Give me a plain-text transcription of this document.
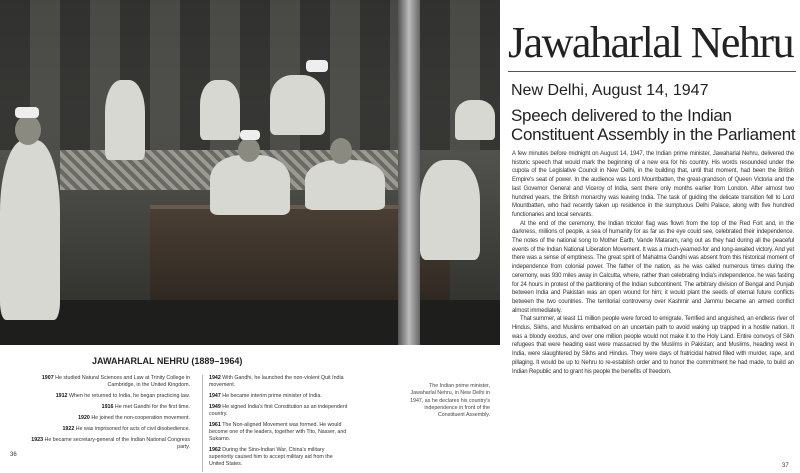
JAWAHARLAL NEHRU (1889–1964)
1907 He studied Natural Sciences and Law at Trinity College in Cambridge, in the United Kingdom.
1912 When he returned to India, he began practicing law.
1916 He met Gandhi for the first time.
1920 He joined the non-cooperation movement.
1922 He was imprisoned for acts of civil disobedience.
1923 He became secretary-general of the Indian National Congress party.
1942 With Gandhi, he launched the non-violent Quit India movement.
1947 He became interim prime minister of India.
1949 He signed India's first Constitution as an independent country.
1961 The Non-aligned Movement was formed. He would become one of the leaders, together with Tito, Nasser, and Sukarno.
1962 During the Sino-Indian War, China's military superiority caused him to accept military aid from the United States.
The Indian prime minister, Jawaharlal Nehru, in New Delhi in 1947, as he declares his country's independence in front of the Constituent Assembly.
36
Jawaharlal Nehru
New Delhi, August 14, 1947
Speech delivered to the Indian Constituent Assembly in the Parliament

A few minutes before midnight on August 14, 1947, the Indian prime minister, Jawaharlal Nehru, delivered the historic speech that would mark the beginning of a new era for his country. His words resounded under the cupola of the Legislative Council in New Delhi, in the building that, until that moment, had been the British Empire's seat of power. In the audience was Lord Mountbatten, the great-grandson of Queen Victoria and the last Governor General and Viceroy of India, sent there only months earlier from London. After almost two hundred years, the British monarchy was leaving India. The task of guiding the delicate transition fell to Lord Mountbatten, who had recently taken up residence in the sumptuous Delhi Palace, along with five hundred functionaries and local servants.

At the end of the ceremony, the Indian tricolor flag was flown from the top of the Red Fort and, in the darkness, millions of people, a sea of humanity for as far as the eye could see, celebrated their independence. The notes of the national song to Mother Earth, Vande Mataram, rang out as they had during all the peaceful events of the Indian National Liberation Movement. It was a much-yearned-for and long-awaited victory. And yet there was a sense of emptiness. The great spirit of Mahatma Gandhi was absent from this historical moment of independence from colonial power. The father of the nation, as he was called numerous times during the ceremony, was 930 miles away in Calcutta, where, rather than celebrating India's independence, he was fasting for 24 hours in protest of the partitioning of the Indian subcontinent. The arbitrary division of Bengal and Punjab between India and Pakistan was an open wound for him; it would plant the seeds of eternal future conflicts between the two countries. The territorial controversy over Kashmir and Jammu became an armed conflict almost immediately.

That summer, at least 11 million people were forced to emigrate. Terrified and anguished, an endless river of Hindus, Sikhs, and Muslims embarked on an uncertain path to avoid waking up trapped in a hostile nation. It was a bloody exodus, and over one million people would not make it to the Holy Land. Entire convoys of Sikh refugees that were heading east were massacred by the Muslims in Pakistan; and Muslims, heading west in India, were slaughtered by Sikhs and Hindus. They were days of fratricidal hatred filled with murder, rape, and pillaging. It would be up to Nehru to re-establish order and to honor the commitment he had made, to build an Indian Republic and to grant his people the benefits of freedom.

37
